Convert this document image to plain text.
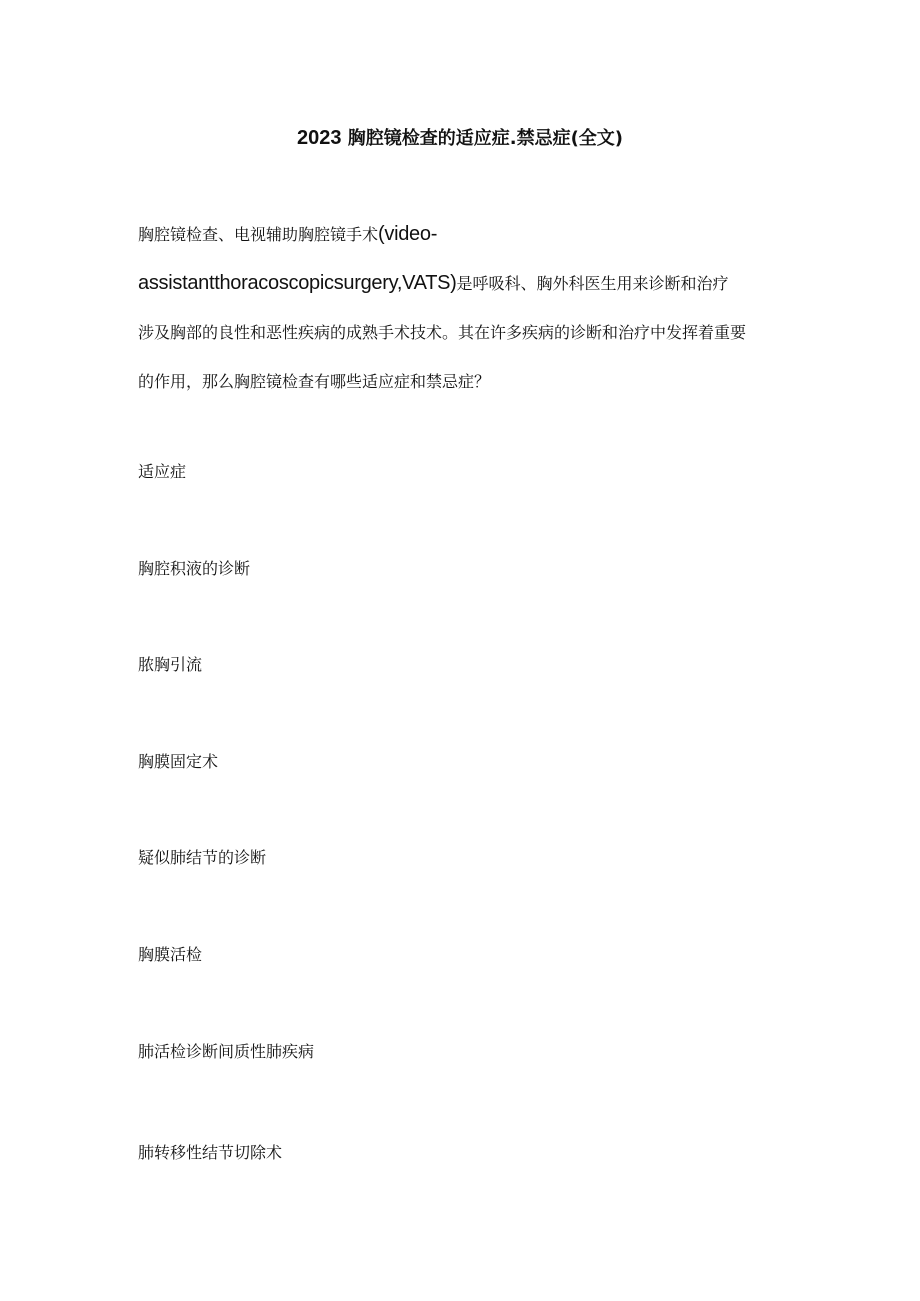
2023 胸腔镜检查的适应症.禁忌症(全文)

胸腔镜检查、电视辅助胸腔镜手术(video-
assistantthoracoscopicsurgery,VATS)是呼吸科、胸外科医生用来诊断和治疗
涉及胸部的良性和恶性疾病的成熟手术技术。其在许多疾病的诊断和治疗中发挥着重要
的作用，那么胸腔镜检查有哪些适应症和禁忌症？

适应症

胸腔积液的诊断

脓胸引流

胸膜固定术

疑似肺结节的诊断

胸膜活检

肺活检诊断间质性肺疾病

肺转移性结节切除术
